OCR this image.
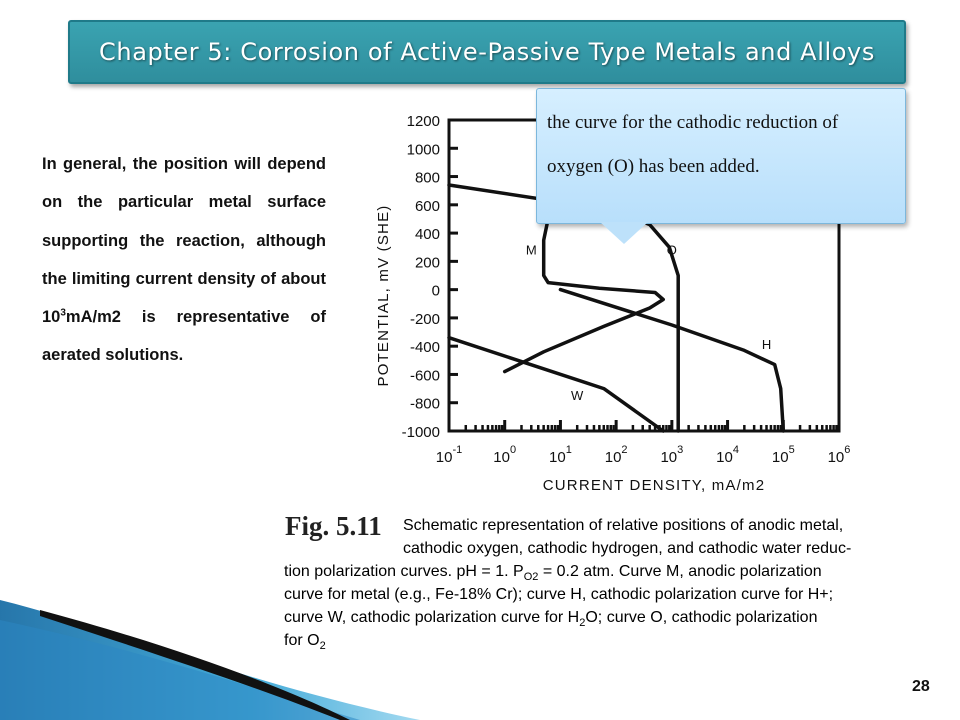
Chapter 5: Corrosion of Active-Passive Type Metals and Alloys

In general, the position will depend on the particular metal surface supporting the reaction, although the limiting current density of about $10^3mA/m2$ is representative of aerated solutions.

1200
1000
800
600
400
200
0
-200
-400
-600
-800
-1000
$10^{-1}$ $10^0$ $10^1$ $10^2$ $10^3$ $10^4$ $10^5$ $10^6$
CURRENT DENSITY, mA/m2
POTENTIAL, mV (SHE)	M	O
H
W

the curve for the cathodic reduction of oxygen (O) has been added.

Fig. 5.11 Schematic representation of relative positions of anodic metal,
cathodic oxygen, cathodic hydrogen, and cathodic water reduc-
tion polarization curves. pH = 1. $P_{O2} = 0.2$ atm. Curve M, anodic polarization
curve for metal (e.g., Fe-18% Cr); curve H, cathodic polarization curve for H+;
curve W, cathodic polarization curve for $H_2O$; curve O, cathodic polarization
for $O_2$
28
